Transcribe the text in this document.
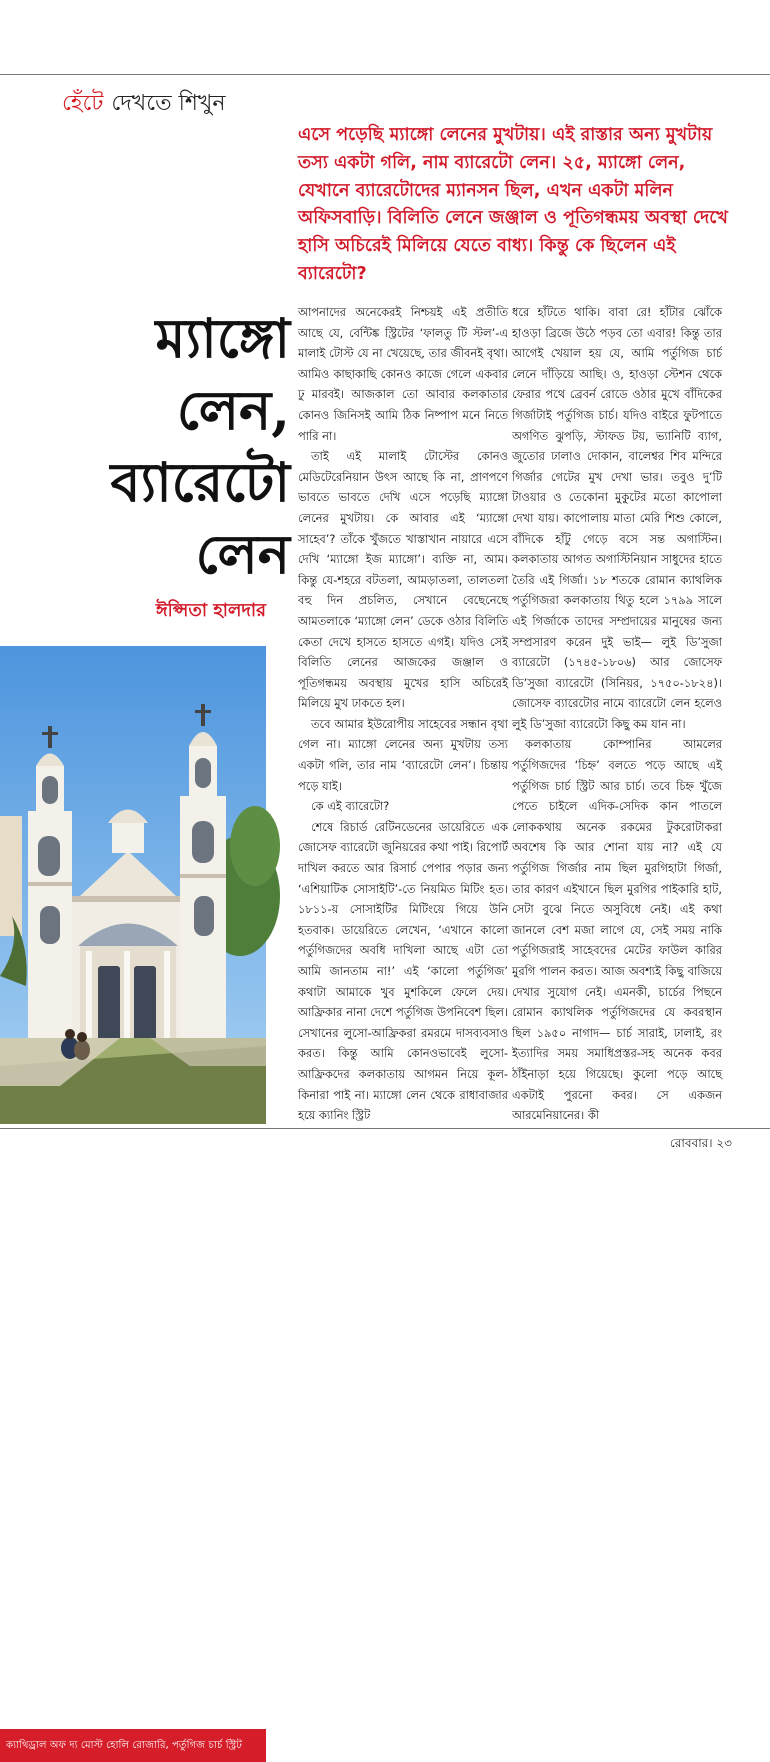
হেঁটে দেখতে শিখুন

এসে পড়েছি ম্যাঙ্গো লেনের মুখটায়। এই রাস্তার অন্য মুখটায় তস্য একটা গলি, নাম ব্যারেটো লেন। ২৫, ম্যাঙ্গো লেন, যেখানে ব্যারেটোদের ম্যানসন ছিল, এখন একটা মলিন অফিসবাড়ি। বিলিতি লেনে জঞ্জাল ও পূতিগন্ধময় অবস্থা দেখে হাসি অচিরেই মিলিয়ে যেতে বাধ্য। কিন্তু কে ছিলেন এই ব্যারেটো?

ম্যাঙ্গো
লেন,
ব্যারেটো
লেন
ঈপ্সিতা হালদার
ক্যাথিড্রাল অফ দ্য মোস্ট হোলি রোজারি, পর্তুগিজ চার্চ স্ট্রিট

আপনাদের অনেকেরই নিশ্চয়ই এই প্রতীতি আছে যে, বেন্টিঙ্ক স্ট্রিটের ‘ফালতু টি স্টল’-এ মালাই টোস্ট যে না খেয়েছে, তার জীবনই বৃথা। আমিও কাছাকাছি কোনও কাজে গেলে একবার ঢু মারবই। আজকাল তো আবার কলকাতার কোনও জিনিসই আমি ঠিক নিষ্পাপ মনে নিতে পারি না।

তাই এই মালাই টোস্টের কোনও মেডিটেরেনিয়ান উৎস আছে কি না, প্রাণপণে ভাবতে ভাবতে দেখি এসে পড়েছি ম্যাঙ্গো লেনের মুখটায়। কে আবার এই ‘ম্যাঙ্গো সাহেব’? তাঁকে খুঁজতে খাস্তাখান নায়ারে এসে দেখি ‘ম্যাঙ্গো ইজ ম্যাঙ্গো’। ব্যক্তি না, আম। কিন্তু যে-শহরে বটতলা, আমড়াতলা, তালতলা বহু দিন প্রচলিত, সেখানে বেছেনেছে আমতলাকে ‘ম্যাঙ্গো লেন’ ডেকে ওঠার বিলিতি কেতা দেখে হাসতে হাসতে এগই। যদিও সেই বিলিতি লেনের আজকের জঞ্জাল ও পূতিগন্ধময় অবস্থায় মুখের হাসি অচিরেই মিলিয়ে মুখ ঢাকতে হল।

তবে আমার ইউরোপীয় সাহেবের সন্ধান বৃথা গেল না। ম্যাঙ্গো লেনের অন্য মুখটায় তস্য একটা গলি, তার নাম ‘ব্যারেটো লেন’। চিন্তায় পড়ে যাই।

কে এই ব্যারেটো?

শেষে রিচার্ড রেটিনডেনের ডায়েরিতে এক জোসেফ ব্যারেটো জুনিয়রের কথা পাই। রিপোর্ট দাখিল করতে আর রিসার্চ পেপার পড়ার জন্য ‘এশিয়াটিক সোসাইটি’-তে নিয়মিত মিটিং হত। ১৮১১-য় সোসাইটির মিটিংয়ে গিয়ে উনি হতবাক। ডায়েরিতে লেখেন, ‘এখানে কালো পর্তুগিজদের অবধি দাখিলা আছে এটা তো আমি জানতাম না!’ এই ‘কালো পর্তুগিজ’ কথাটা আমাকে খুব মুশকিলে ফেলে দেয়। আফ্রিকার নানা দেশে পর্তুগিজ উপনিবেশ ছিল। সেখানের লুসো-আফ্রিকরা রমরমে দাসব্যবসাও করত। কিন্তু আমি কোনওভাবেই লুসো-আফ্রিকদের কলকাতায় আগমন নিয়ে কূল-কিনারা পাই না। ম্যাঙ্গো লেন থেকে রাধাবাজার হয়ে ক্যানিং স্ট্রিট

ধরে হাঁটতে থাকি। বাবা রে! হাঁটার ঝোঁকে হাওড়া ব্রিজে উঠে পড়ব তো এবার! কিন্তু তার আগেই খেয়াল হয় যে, আমি পর্তুগিজ চার্চ লেনে দাঁড়িয়ে আছি। ও, হাওড়া স্টেশন থেকে ফেরার পথে ব্রেবর্ন রোডে ওঠার মুখে বাঁদিকের গির্জাটাই পর্তুগিজ চার্চ। যদিও বাইরে ফুটপাতে অগণিত ঝুপড়ি, স্টাফড টয়, ভ্যানিটি ব্যাগ, জুতোর ঢালাও দোকান, বালেশ্বর শিব মন্দিরে গির্জার গেটের মুখ দেখা ভার। তবুও দু’টি টাওয়ার ও তেকোনা মুকুটের মতো কাপোলা দেখা যায়। কাপোলায় মাতা মেরি শিশু কোলে, বাঁদিকে হাঁটু গেড়ে বসে সন্ত অগাস্টিন। কলকাতায় আগত অগাস্টিনিয়ান সাধুদের হাতে তৈরি এই গির্জা। ১৮ শতকে রোমান ক্যাথলিক পর্তুগিজরা কলকাতায় থিতু হলে ১৭৯৯ সালে এই গির্জাকে তাদের সম্প্রদায়ের মানুষের জন্য সম্প্রসারণ করেন দুই ভাই— লুই ডি’সুজা ব্যারেটো (১৭৪৫-১৮০৬) আর জোসেফ ডি’সুজা ব্যারেটো (সিনিয়র, ১৭৫০-১৮২৪)। জোসেফ ব্যারেটোর নামে ব্যারেটো লেন হলেও লুই ডি’সুজা ব্যারেটো কিছু কম যান না।

কলকাতায় কোম্পানির আমলের পর্তুগিজদের ‘চিহ্ন’ বলতে পড়ে আছে এই পর্তুগিজ চার্চ স্ট্রিট আর চার্চ। তবে চিহ্ন খুঁজে পেতে চাইলে এদিক-সেদিক কান পাতলে লোককথায় অনেক রকমের টুকরোটাকরা অবশেষ কি আর শোনা যায় না? এই যে পর্তুগিজ গির্জার নাম ছিল মুরগিহাটা গির্জা, তার কারণ এইখানে ছিল মুরগির পাইকারি হাট, সেটা বুঝে নিতে অসুবিধে নেই। এই কথা জানলে বেশ মজা লাগে যে, সেই সময় নাকি পর্তুগিজরাই সাহেবদের মেটের ফাউল কারির মুরগি পালন করত। আজ অবশ্যই কিছু বাজিয়ে দেখার সুযোগ নেই। এমনকী, চার্চের পিছনে রোমান ক্যাথলিক পর্তুগিজদের যে কবরস্থান ছিল ১৯৫০ নাগাদ— চার্চ সারাই, ঢালাই, রং ইত্যাদির সময় সমাধিপ্রস্তর-সহ অনেক কবর ঠাঁইনাড়া হয়ে গিয়েছে। কুলো পড়ে আছে একটাই পুরনো কবর। সে একজন আরমেনিয়ানের। কী

রোববার। ২৩
